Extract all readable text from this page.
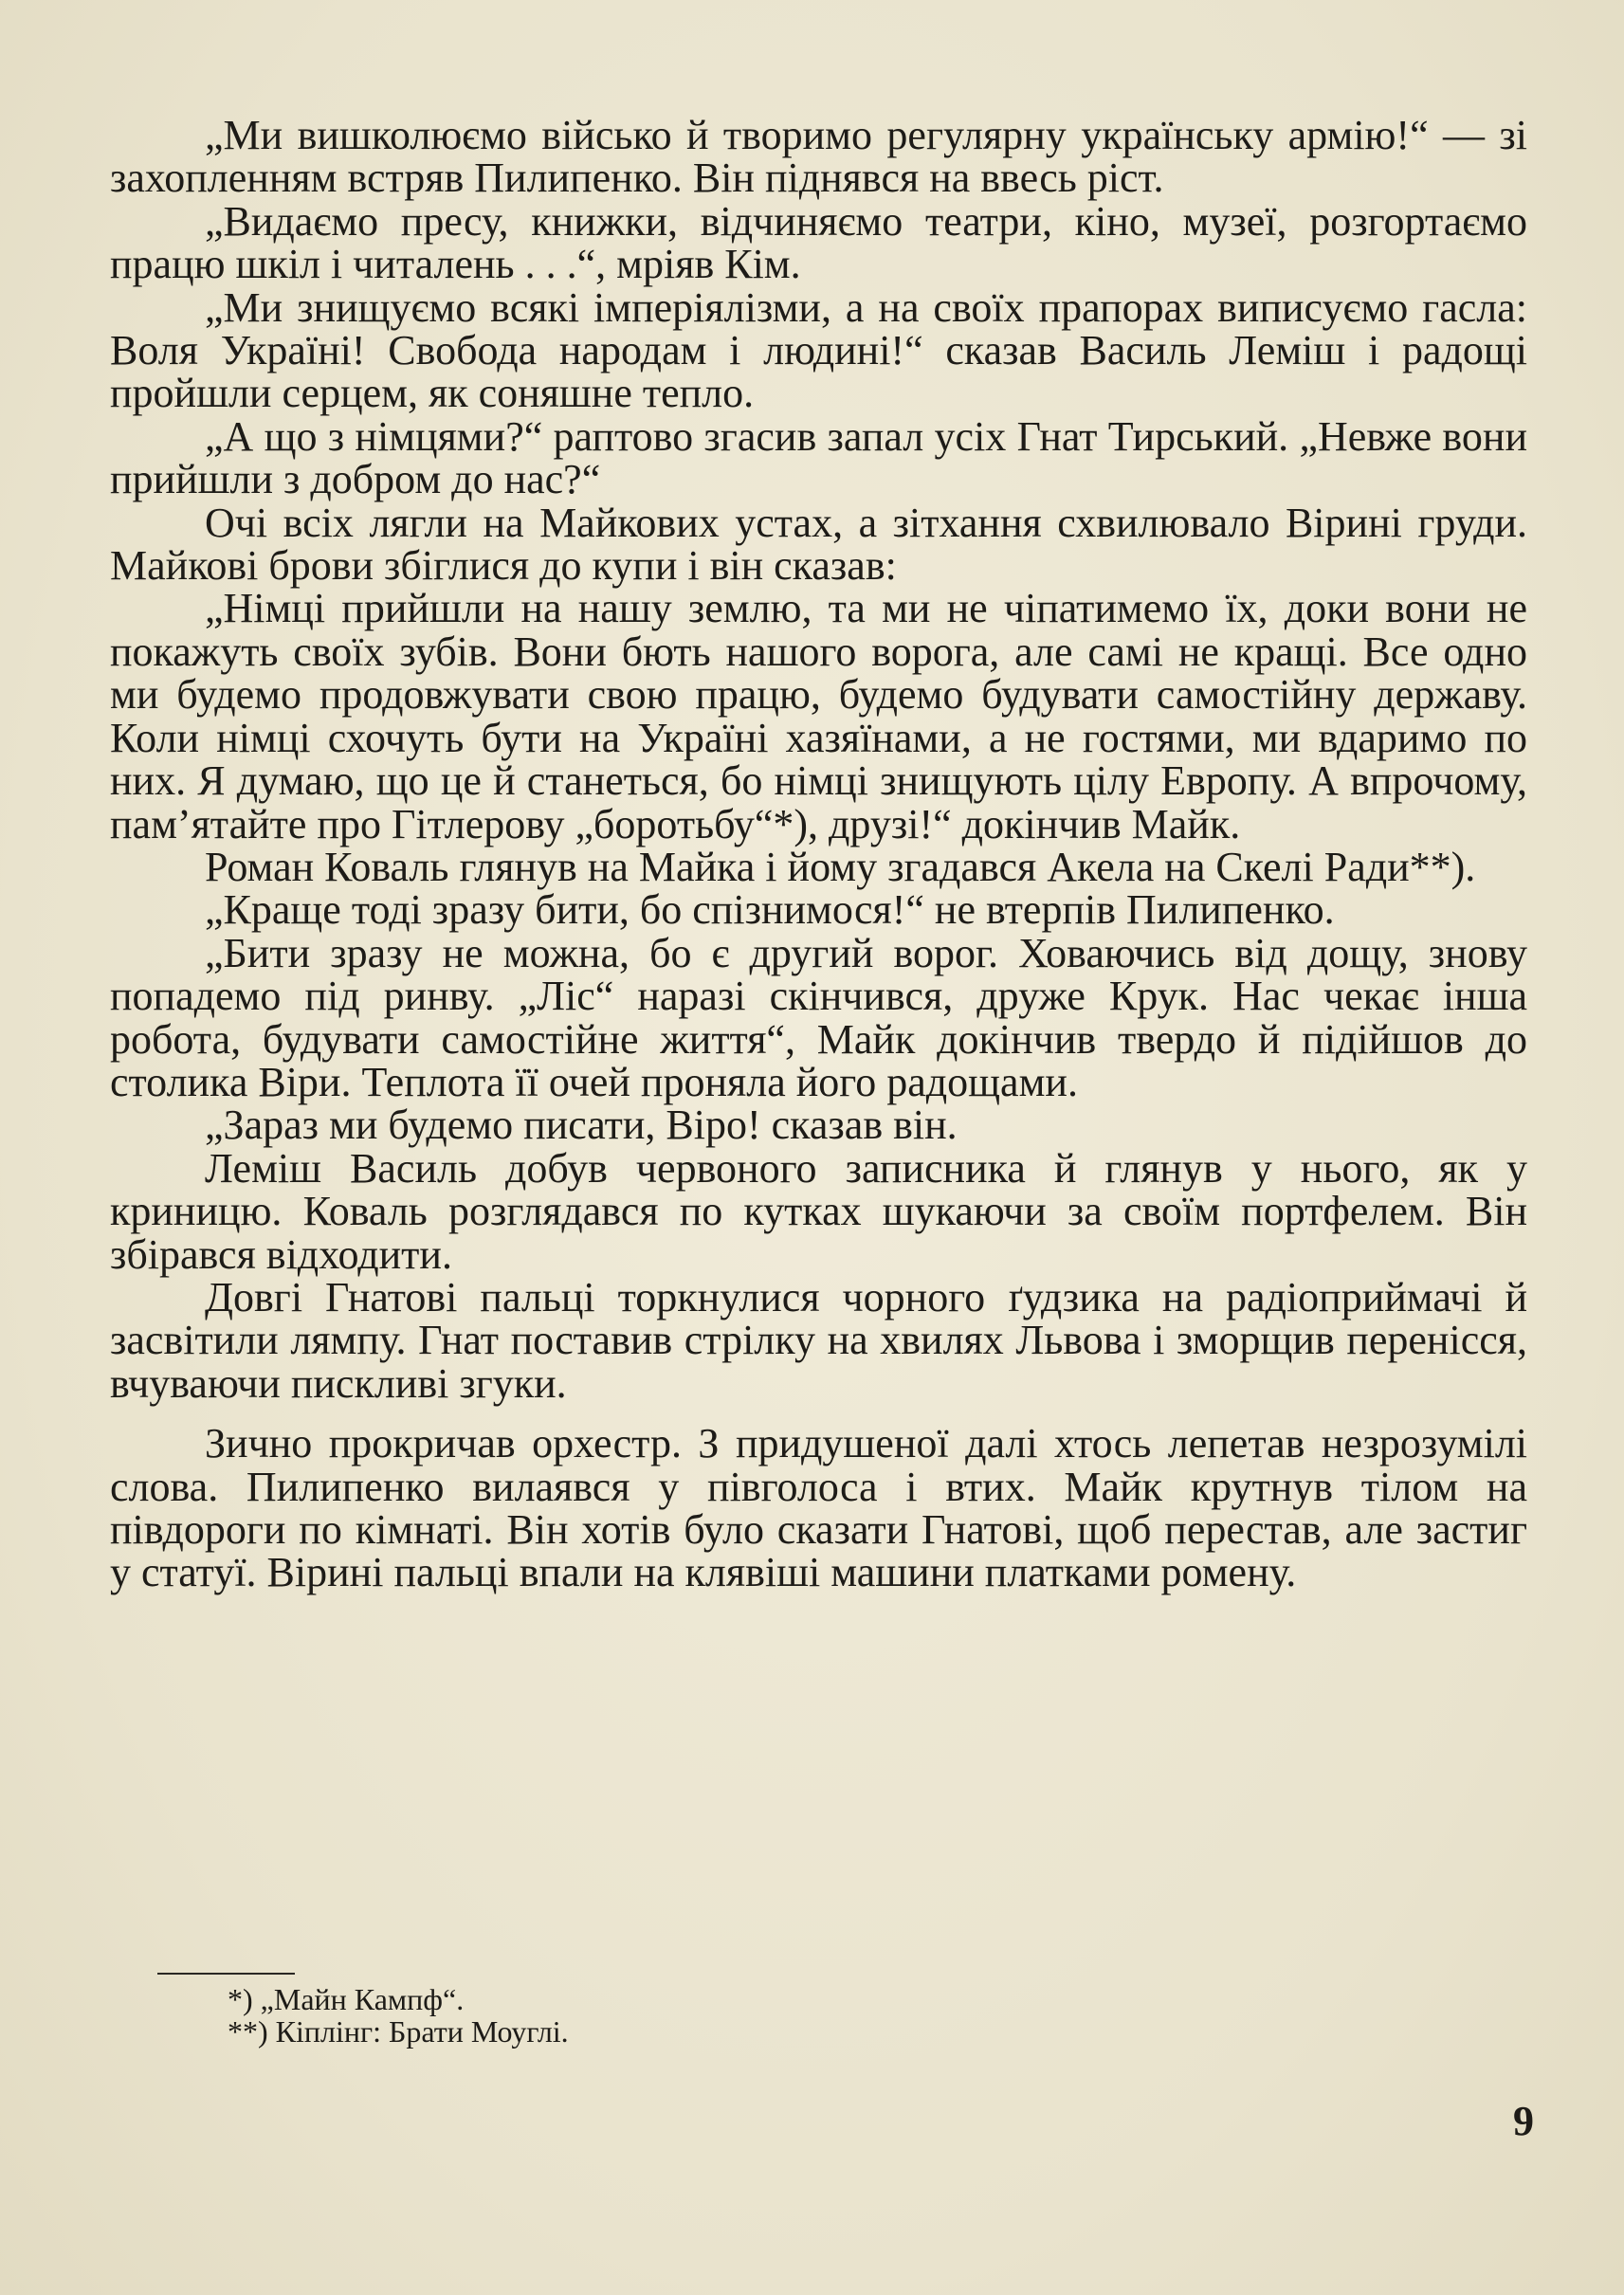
„Ми вишколюємо військо й творимо регулярну українську армію!“ — зі захопленням встряв Пилипенко. Він піднявся на ввесь ріст.

„Видаємо пресу, книжки, відчиняємо театри, кіно, музеї, розгортаємо працю шкіл і читалень . . .“, мріяв Кім.

„Ми знищуємо всякі імперіялізми, а на своїх прапорах виписуємо гасла: Воля Україні! Свобода народам і людині!“ сказав Василь Леміш і радощі пройшли серцем, як соняшне тепло.

„А що з німцями?“ раптово згасив запал усіх Гнат Тирський. „Невже вони прийшли з добром до нас?“

Очі всіх лягли на Майкових устах, а зітхання схвилювало Вірині груди. Майкові брови збіглися до купи і він сказав:

„Німці прийшли на нашу землю, та ми не чіпатимемо їх, доки вони не покажуть своїх зубів. Вони бють нашого ворога, але самі не кращі. Все одно ми будемо продовжувати свою працю, будемо будувати самостійну державу. Коли німці схочуть бути на Україні хазяїнами, а не гостями, ми вдаримо по них. Я думаю, що це й станеться, бо німці знищують цілу Европу. А впрочому, памʼятайте про Гітлерову „боротьбу“*), друзі!“ докінчив Майк.

Роман Коваль глянув на Майка і йому згадався Акела на Скелі Ради**).

„Краще тоді зразу бити, бо спізнимося!“ не втерпів Пилипенко.

„Бити зразу не можна, бо є другий ворог. Ховаючись від дощу, знову попадемо під ринву. „Ліс“ наразі скінчився, друже Крук. Нас чекає інша робота, будувати самостійне життя“, Майк докінчив твердо й підійшов до столика Віри. Теплота її очей проняла його радощами.

„Зараз ми будемо писати, Віро! сказав він.

Леміш Василь добув червоного записника й глянув у нього, як у криницю. Коваль розглядався по кутках шукаючи за своїм портфелем. Він збірався відходити.

Довгі Гнатові пальці торкнулися чорного ґудзика на радіоприймачі й засвітили лямпу. Гнат поставив стрілку на хвилях Львова і зморщив перенісся, вчуваючи пискливі згуки.

Зично прокричав орхестр. З придушеної далі хтось лепетав незрозумілі слова. Пилипенко вилаявся у півголоса і втих. Майк крутнув тілом на півдороги по кімнаті. Він хотів було сказати Гнатові, щоб перестав, але застиг у статуї. Вірині пальці впали на клявіші машини платками ромену.

*) „Майн Кампф“.

**) Кіплінг: Брати Моуглі.

9
